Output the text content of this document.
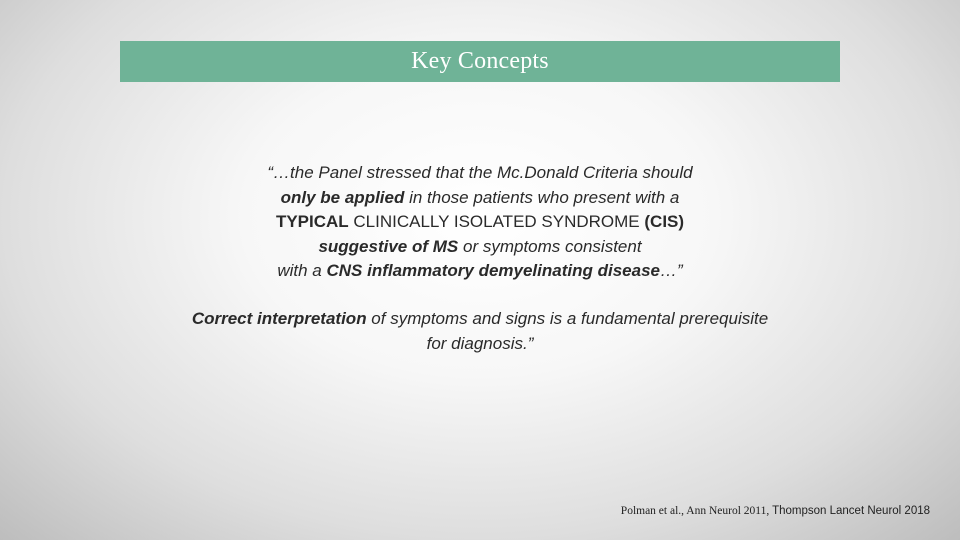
Key Concepts
“…the Panel stressed that the Mc.Donald Criteria should
only be applied in those patients who present with a
TYPICAL CLINICALLY ISOLATED SYNDROME (CIS)
suggestive of MS or symptoms consistent
with a CNS inflammatory demyelinating disease…”
Correct interpretation of symptoms and signs is a fundamental prerequisite
for diagnosis.”
Polman et al., Ann Neurol 2011, Thompson Lancet Neurol 2018
